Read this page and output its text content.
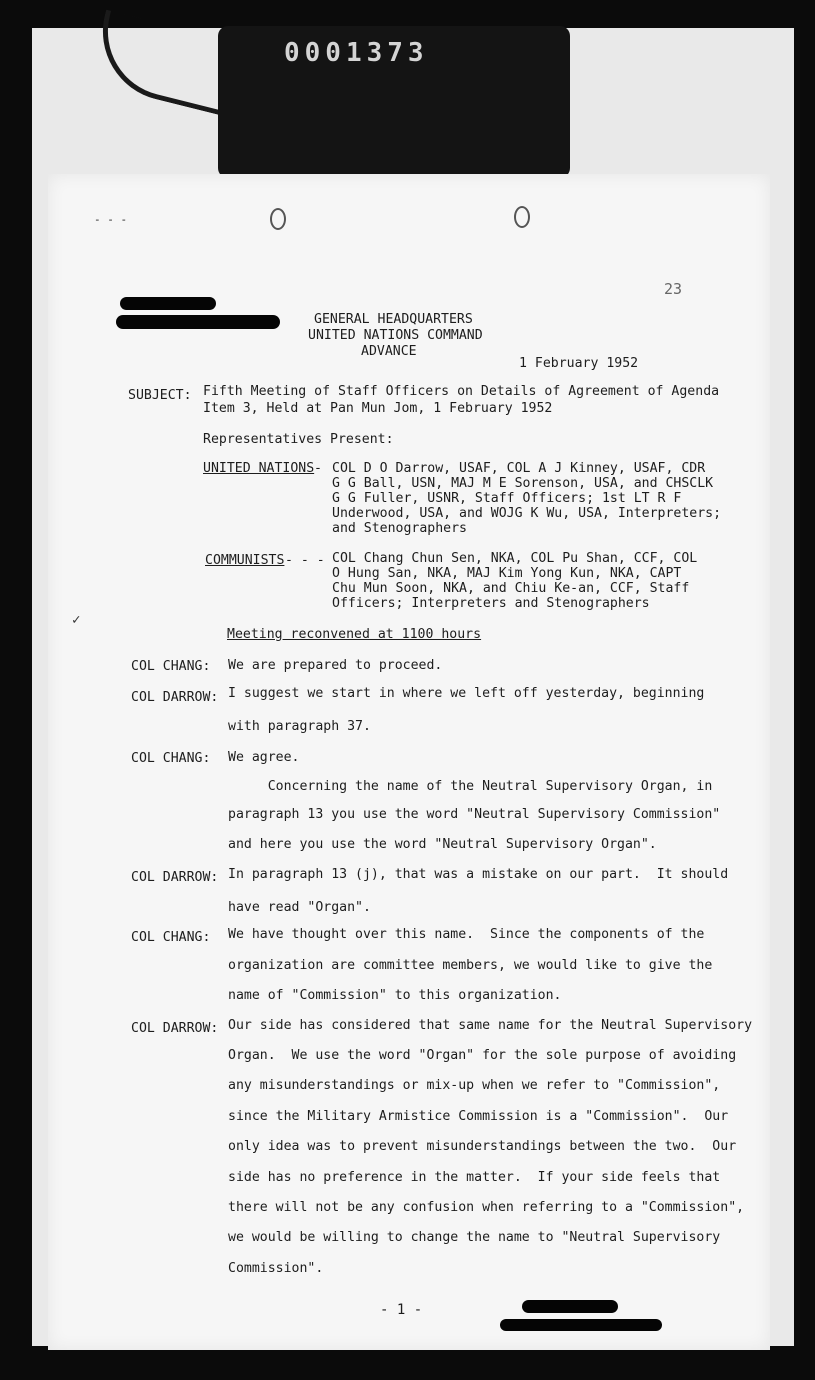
0001373
- - -
23
GENERAL HEADQUARTERS
UNITED NATIONS COMMAND
ADVANCE
1 February 1952
SUBJECT: Fifth Meeting of Staff Officers on Details of Agreement of Agenda
Item 3, Held at Pan Mun Jom, 1 February 1952
Representatives Present:
UNITED NATIONS - COL D O Darrow, USAF, COL A J Kinney, USAF, CDR
G G Ball, USN, MAJ M E Sorenson, USA, and CHSCLK
G G Fuller, USNR, Staff Officers; 1st LT R F
Underwood, USA, and WOJG K Wu, USA, Interpreters;
and Stenographers
COMMUNISTS - - - COL Chang Chun Sen, NKA, COL Pu Shan, CCF, COL
O Hung San, NKA, MAJ Kim Yong Kun, NKA, CAPT
Chu Mun Soon, NKA, and Chiu Ke-an, CCF, Staff
Officers; Interpreters and Stenographers
✓
Meeting reconvened at 1100 hours
COL CHANG: We are prepared to proceed.
COL DARROW: I suggest we start in where we left off yesterday, beginning
with paragraph 37.
COL CHANG: We agree.
Concerning the name of the Neutral Supervisory Organ, in
paragraph 13 you use the word "Neutral Supervisory Commission"
and here you use the word "Neutral Supervisory Organ".
COL DARROW: In paragraph 13 (j), that was a mistake on our part.  It should
have read "Organ".
COL CHANG: We have thought over this name.  Since the components of the
organization are committee members, we would like to give the
name of "Commission" to this organization.
COL DARROW: Our side has considered that same name for the Neutral Supervisory
Organ.  We use the word "Organ" for the sole purpose of avoiding
any misunderstandings or mix-up when we refer to "Commission",
since the Military Armistice Commission is a "Commission".  Our
only idea was to prevent misunderstandings between the two.  Our
side has no preference in the matter.  If your side feels that
there will not be any confusion when referring to a "Commission",
we would be willing to change the name to "Neutral Supervisory
Commission".
- 1 -
